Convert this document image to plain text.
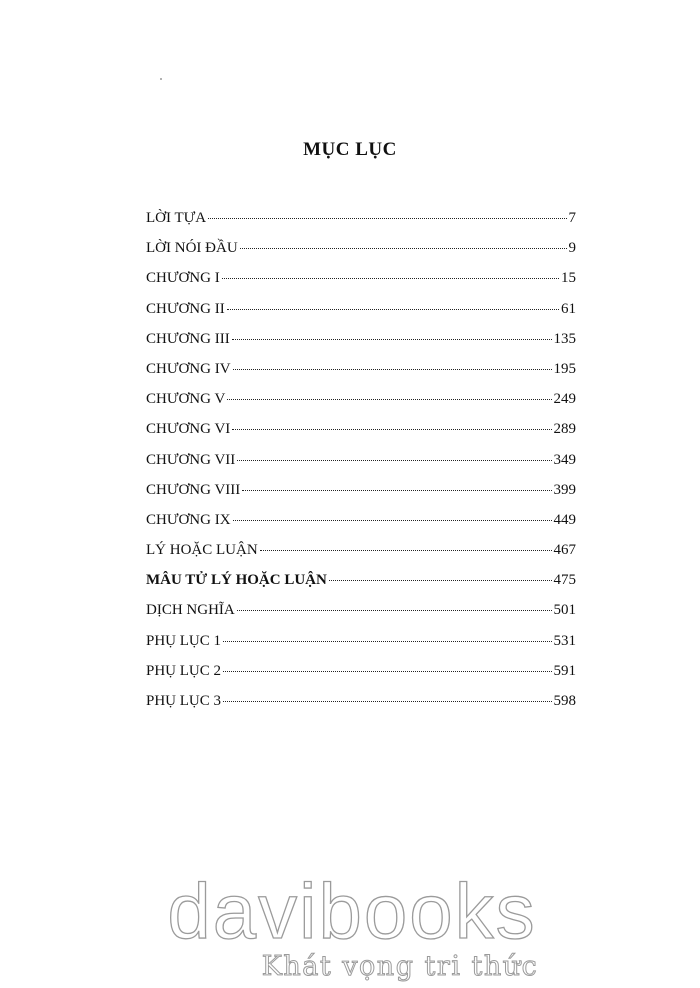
MỤC LỤC
LỜI TỰA	7
LỜI NÓI ĐẦU	9
CHƯƠNG I	15
CHƯƠNG II	61
CHƯƠNG III	135
CHƯƠNG IV	195
CHƯƠNG V	249
CHƯƠNG VI	289
CHƯƠNG VII	349
CHƯƠNG VIII	399
CHƯƠNG IX	449
LÝ HOẶC LUẬN	467
MÂU TỬ LÝ HOẶC LUẬN	475
DỊCH NGHĨA	501
PHỤ LỤC 1	531
PHỤ LỤC 2	591
PHỤ LỤC 3	598
davibooks
Khát vọng tri thức
